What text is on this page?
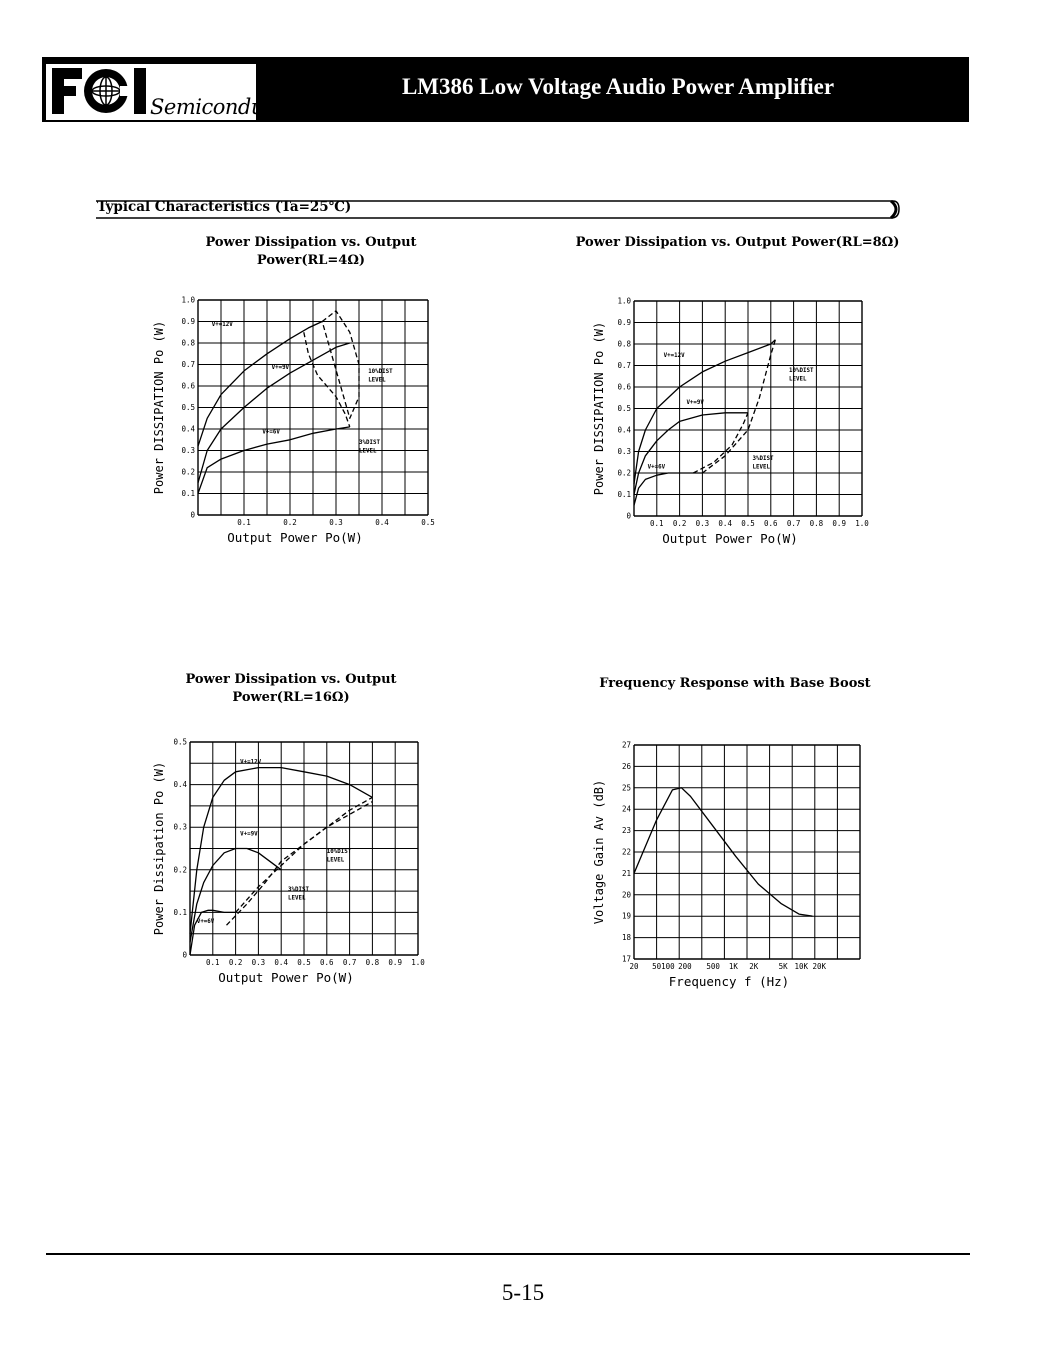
Semiconductor
LM386 Low Voltage Audio Power Amplifier
Typical Characteristics (Ta=25℃)
Power Dissipation vs. Output Power(RL=4Ω)
0
0.1
0.2
0.3
0.4
0.5
0.6
0.7
0.8
0.9
1.0
0.1	0.2	0.3	0.4	0.5
Output Power Po(W)
Power DISSIPATION Po (W)	V+=12V
V+=9V
V+=6V
10%DIST
LEVEL
3%DIST
LEVEL
Power Dissipation vs. Output Power(RL=8Ω)
0
0.1
0.2
0.3
0.4
0.5
0.6
0.7
0.8
0.9
1.0
0.1 0.2 0.3 0.4 0.5 0.6 0.7 0.8 0.9 1.0
Output Power Po(W)
Power DISSIPATION Po (W)	V+=12V
V+=9V
V+=6V
10%DIST
LEVEL
3%DIST
LEVEL
Power Dissipation vs. Output Power(RL=16Ω)
0
0.1
0.2
0.3
0.4
0.5
0.1 0.2 0.3 0.4 0.5 0.6 0.7 0.8 0.9 1.0
Output Power Po(W)
Power Dissipation Po (W)	V+=12V
V+=9V
V+=6V
10%DIST
LEVEL
3%DIST
LEVEL
Frequency Response with Base Boost
17
18
19
20
21
22
23
24
25
26
27
20 50 100 200 500 1K 2K	5K 10K 20K
Frequency f (Hz)
Voltage Gain Av (dB)
5-15
